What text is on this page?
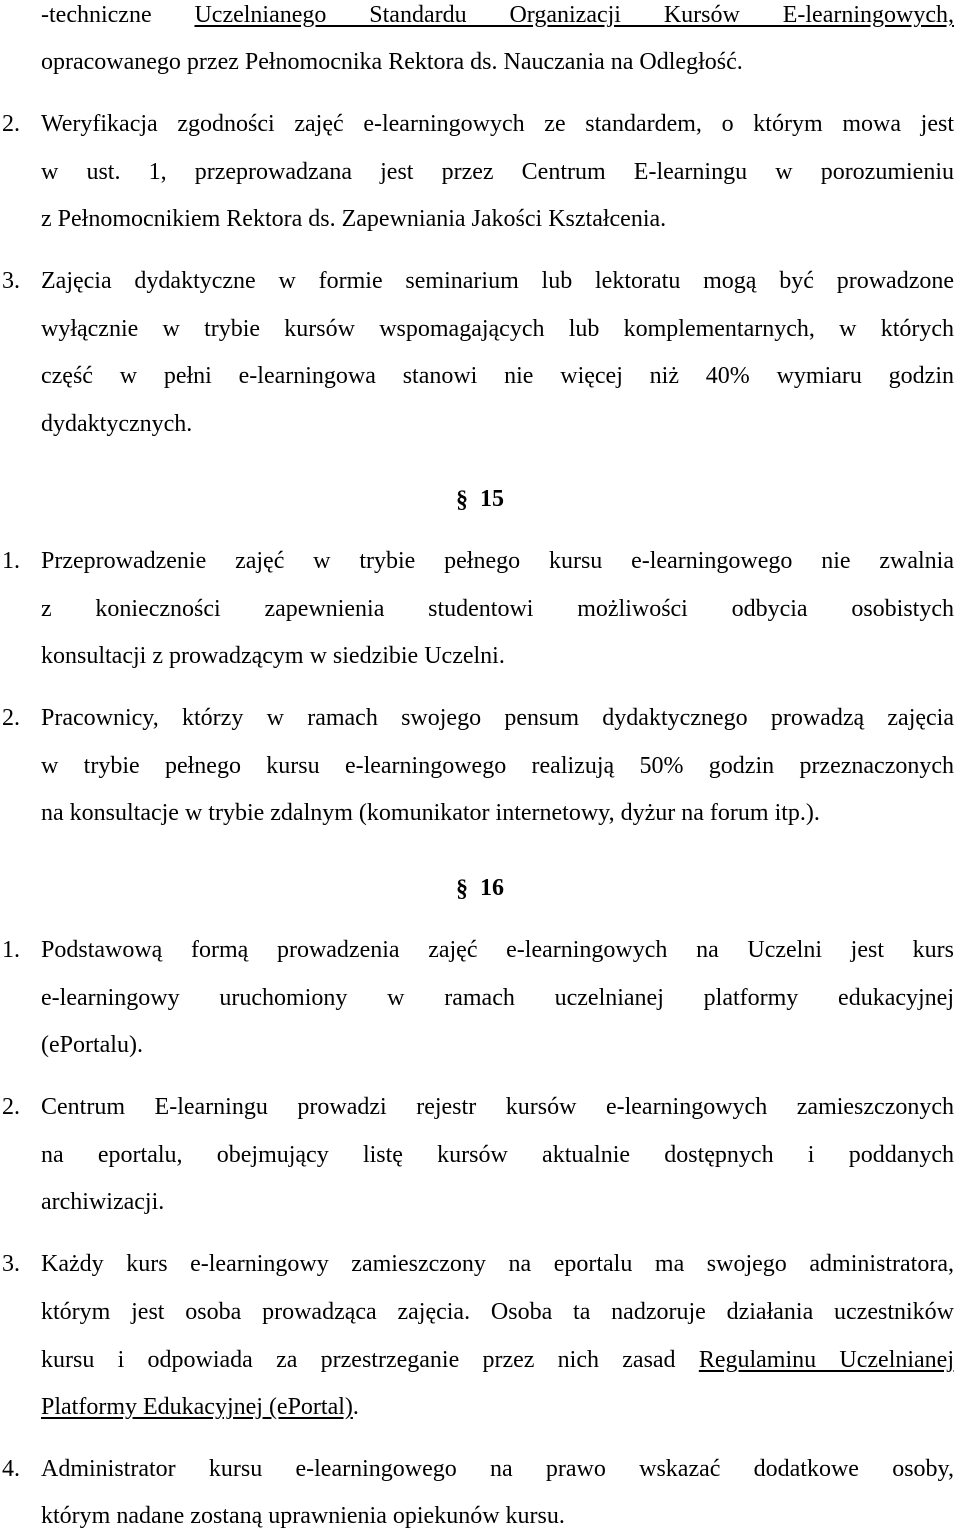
-techniczne Uczelnianego Standardu Organizacji Kursów E-learningowych,
opracowanego przez Pełnomocnika Rektora ds. Nauczania na Odległość.
2. Weryfikacja zgodności zajęć e-learningowych ze standardem, o którym mowa jest
w ust. 1, przeprowadzana jest przez Centrum E-learningu w porozumieniu
z Pełnomocnikiem Rektora ds. Zapewniania Jakości Kształcenia.
3. Zajęcia dydaktyczne w formie seminarium lub lektoratu mogą być prowadzone
wyłącznie w trybie kursów wspomagających lub komplementarnych, w których
część w pełni e-learningowa stanowi nie więcej niż 40% wymiaru godzin
dydaktycznych.
§ 15
1. Przeprowadzenie zajęć w trybie pełnego kursu e-learningowego nie zwalnia
z konieczności zapewnienia studentowi możliwości odbycia osobistych
konsultacji z prowadzącym w siedzibie Uczelni.
2. Pracownicy, którzy w ramach swojego pensum dydaktycznego prowadzą zajęcia
w trybie pełnego kursu e-learningowego realizują 50% godzin przeznaczonych
na konsultacje w trybie zdalnym (komunikator internetowy, dyżur na forum itp.).
§ 16
1. Podstawową formą prowadzenia zajęć e-learningowych na Uczelni jest kurs
e-learningowy uruchomiony w ramach uczelnianej platformy edukacyjnej
(ePortalu).
2. Centrum E-learningu prowadzi rejestr kursów e-learningowych zamieszczonych
na eportalu, obejmujący listę kursów aktualnie dostępnych i poddanych
archiwizacji.
3. Każdy kurs e-learningowy zamieszczony na eportalu ma swojego administratora,
którym jest osoba prowadząca zajęcia. Osoba ta nadzoruje działania uczestników
kursu i odpowiada za przestrzeganie przez nich zasad Regulaminu Uczelnianej
Platformy Edukacyjnej (ePortal).
4. Administrator kursu e-learningowego na prawo wskazać dodatkowe osoby,
którym nadane zostaną uprawnienia opiekunów kursu.
